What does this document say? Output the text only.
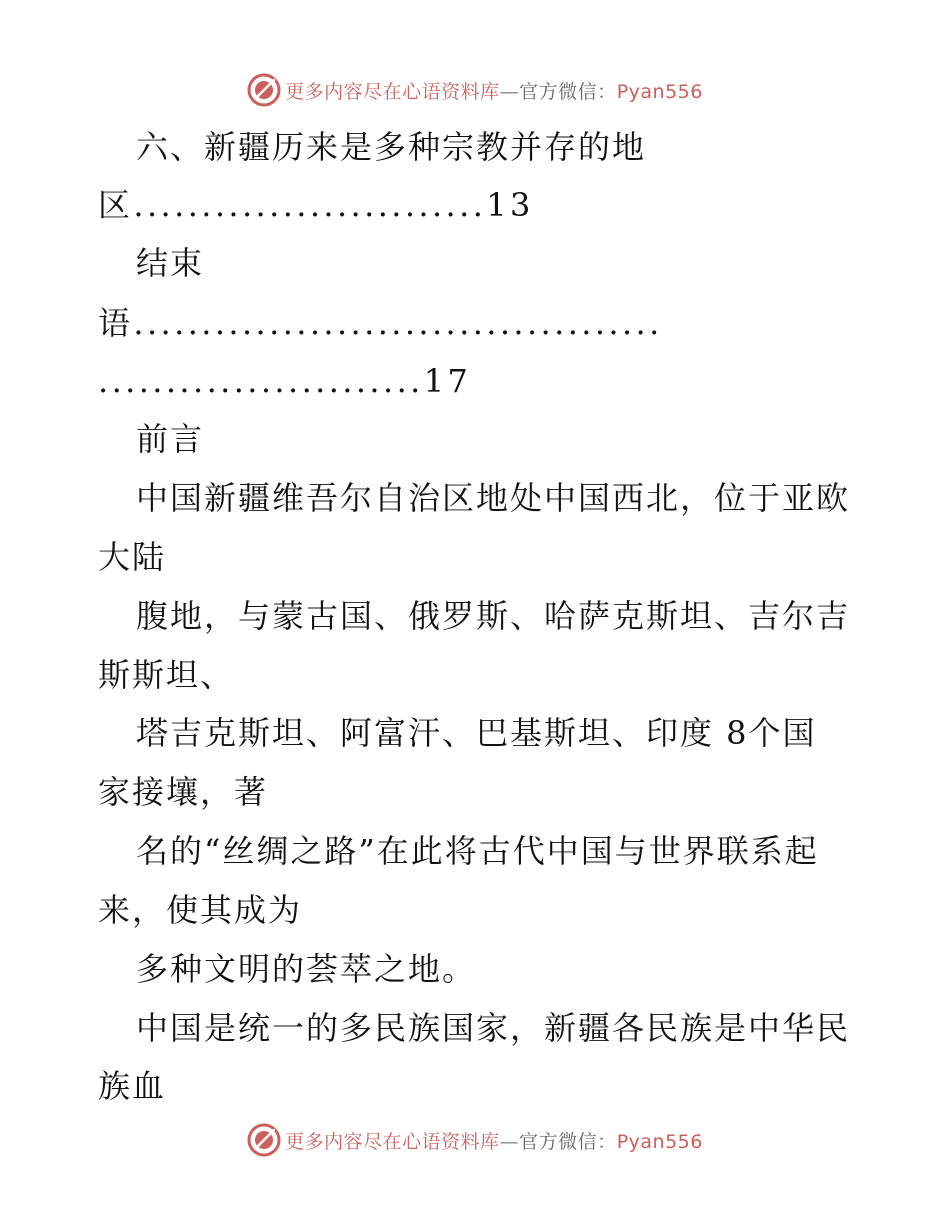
更多内容尽在心语资料库—官方微信：Pyan556
六、新疆历来是多种宗教并存的地
区..........................13
结束
语.......................................
........................17
前言
中国新疆维吾尔自治区地处中国西北，位于亚欧
大陆
腹地，与蒙古国、俄罗斯、哈萨克斯坦、吉尔吉
斯斯坦、
塔吉克斯坦、阿富汗、巴基斯坦、印度 8个国
家接壤，著
名的“丝绸之路”在此将古代中国与世界联系起
来，使其成为
多种文明的荟萃之地。
中国是统一的多民族国家，新疆各民族是中华民
族血
更多内容尽在心语资料库—官方微信：Pyan556
